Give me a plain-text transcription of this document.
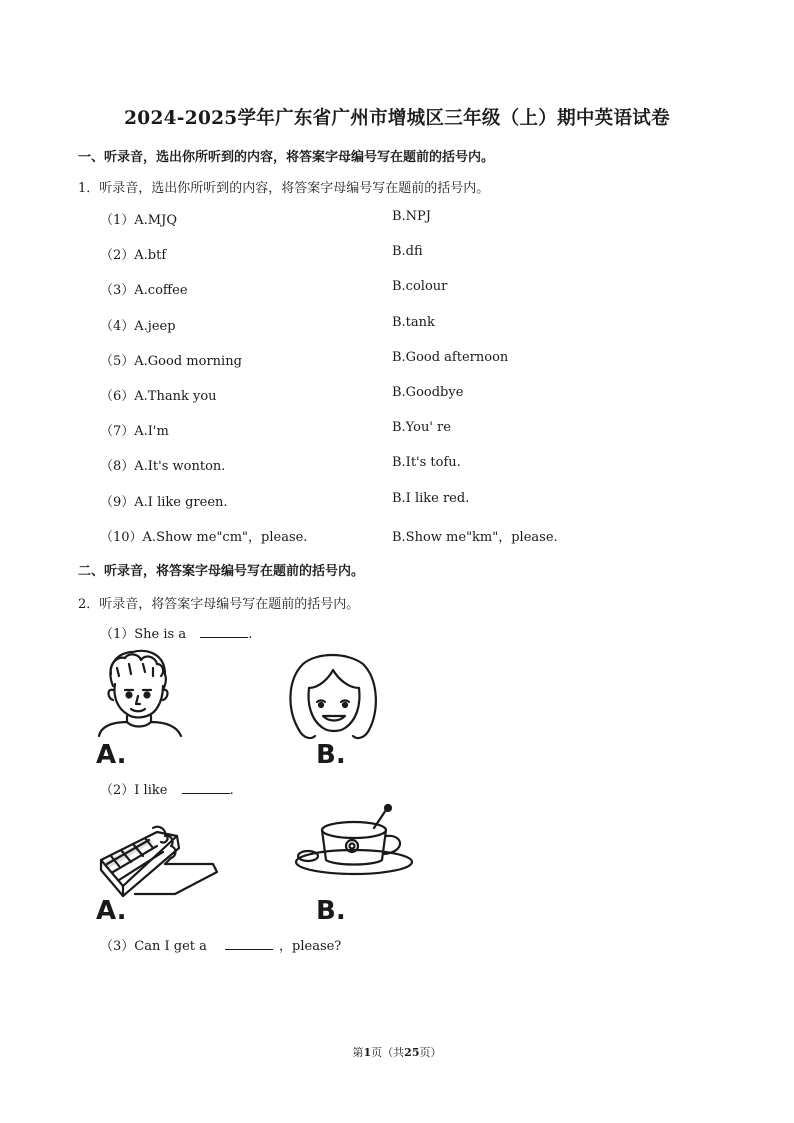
2024-2025学年广东省广州市增城区三年级（上）期中英语试卷
一、听录音，选出你所听到的内容，将答案字母编号写在题前的括号内。
1．听录音，选出你所听到的内容，将答案字母编号写在题前的括号内。
（1）A.MJQ	B.NPJ
（2）A.btf	B.dfi
（3）A.coffee	B.colour
（4）A.jeep	B.tank
（5）A.Good morning	B.Good afternoon
（6）A.Thank you	B.Goodbye
（7）A.I'm	B.You' re
（8）A.It's wonton.	B.It's tofu.
（9）A.I like green.	B.I like red.
（10）A.Show me"cm"，please.	B.Show me"km"，please.
二、听录音，将答案字母编号写在题前的括号内。
2．听录音，将答案字母编号写在题前的括号内。
（1）She is a	.
A.	B.
（2）I like	.
A.	B.
（3）Can I get a	，please?
第1页（共25页）
